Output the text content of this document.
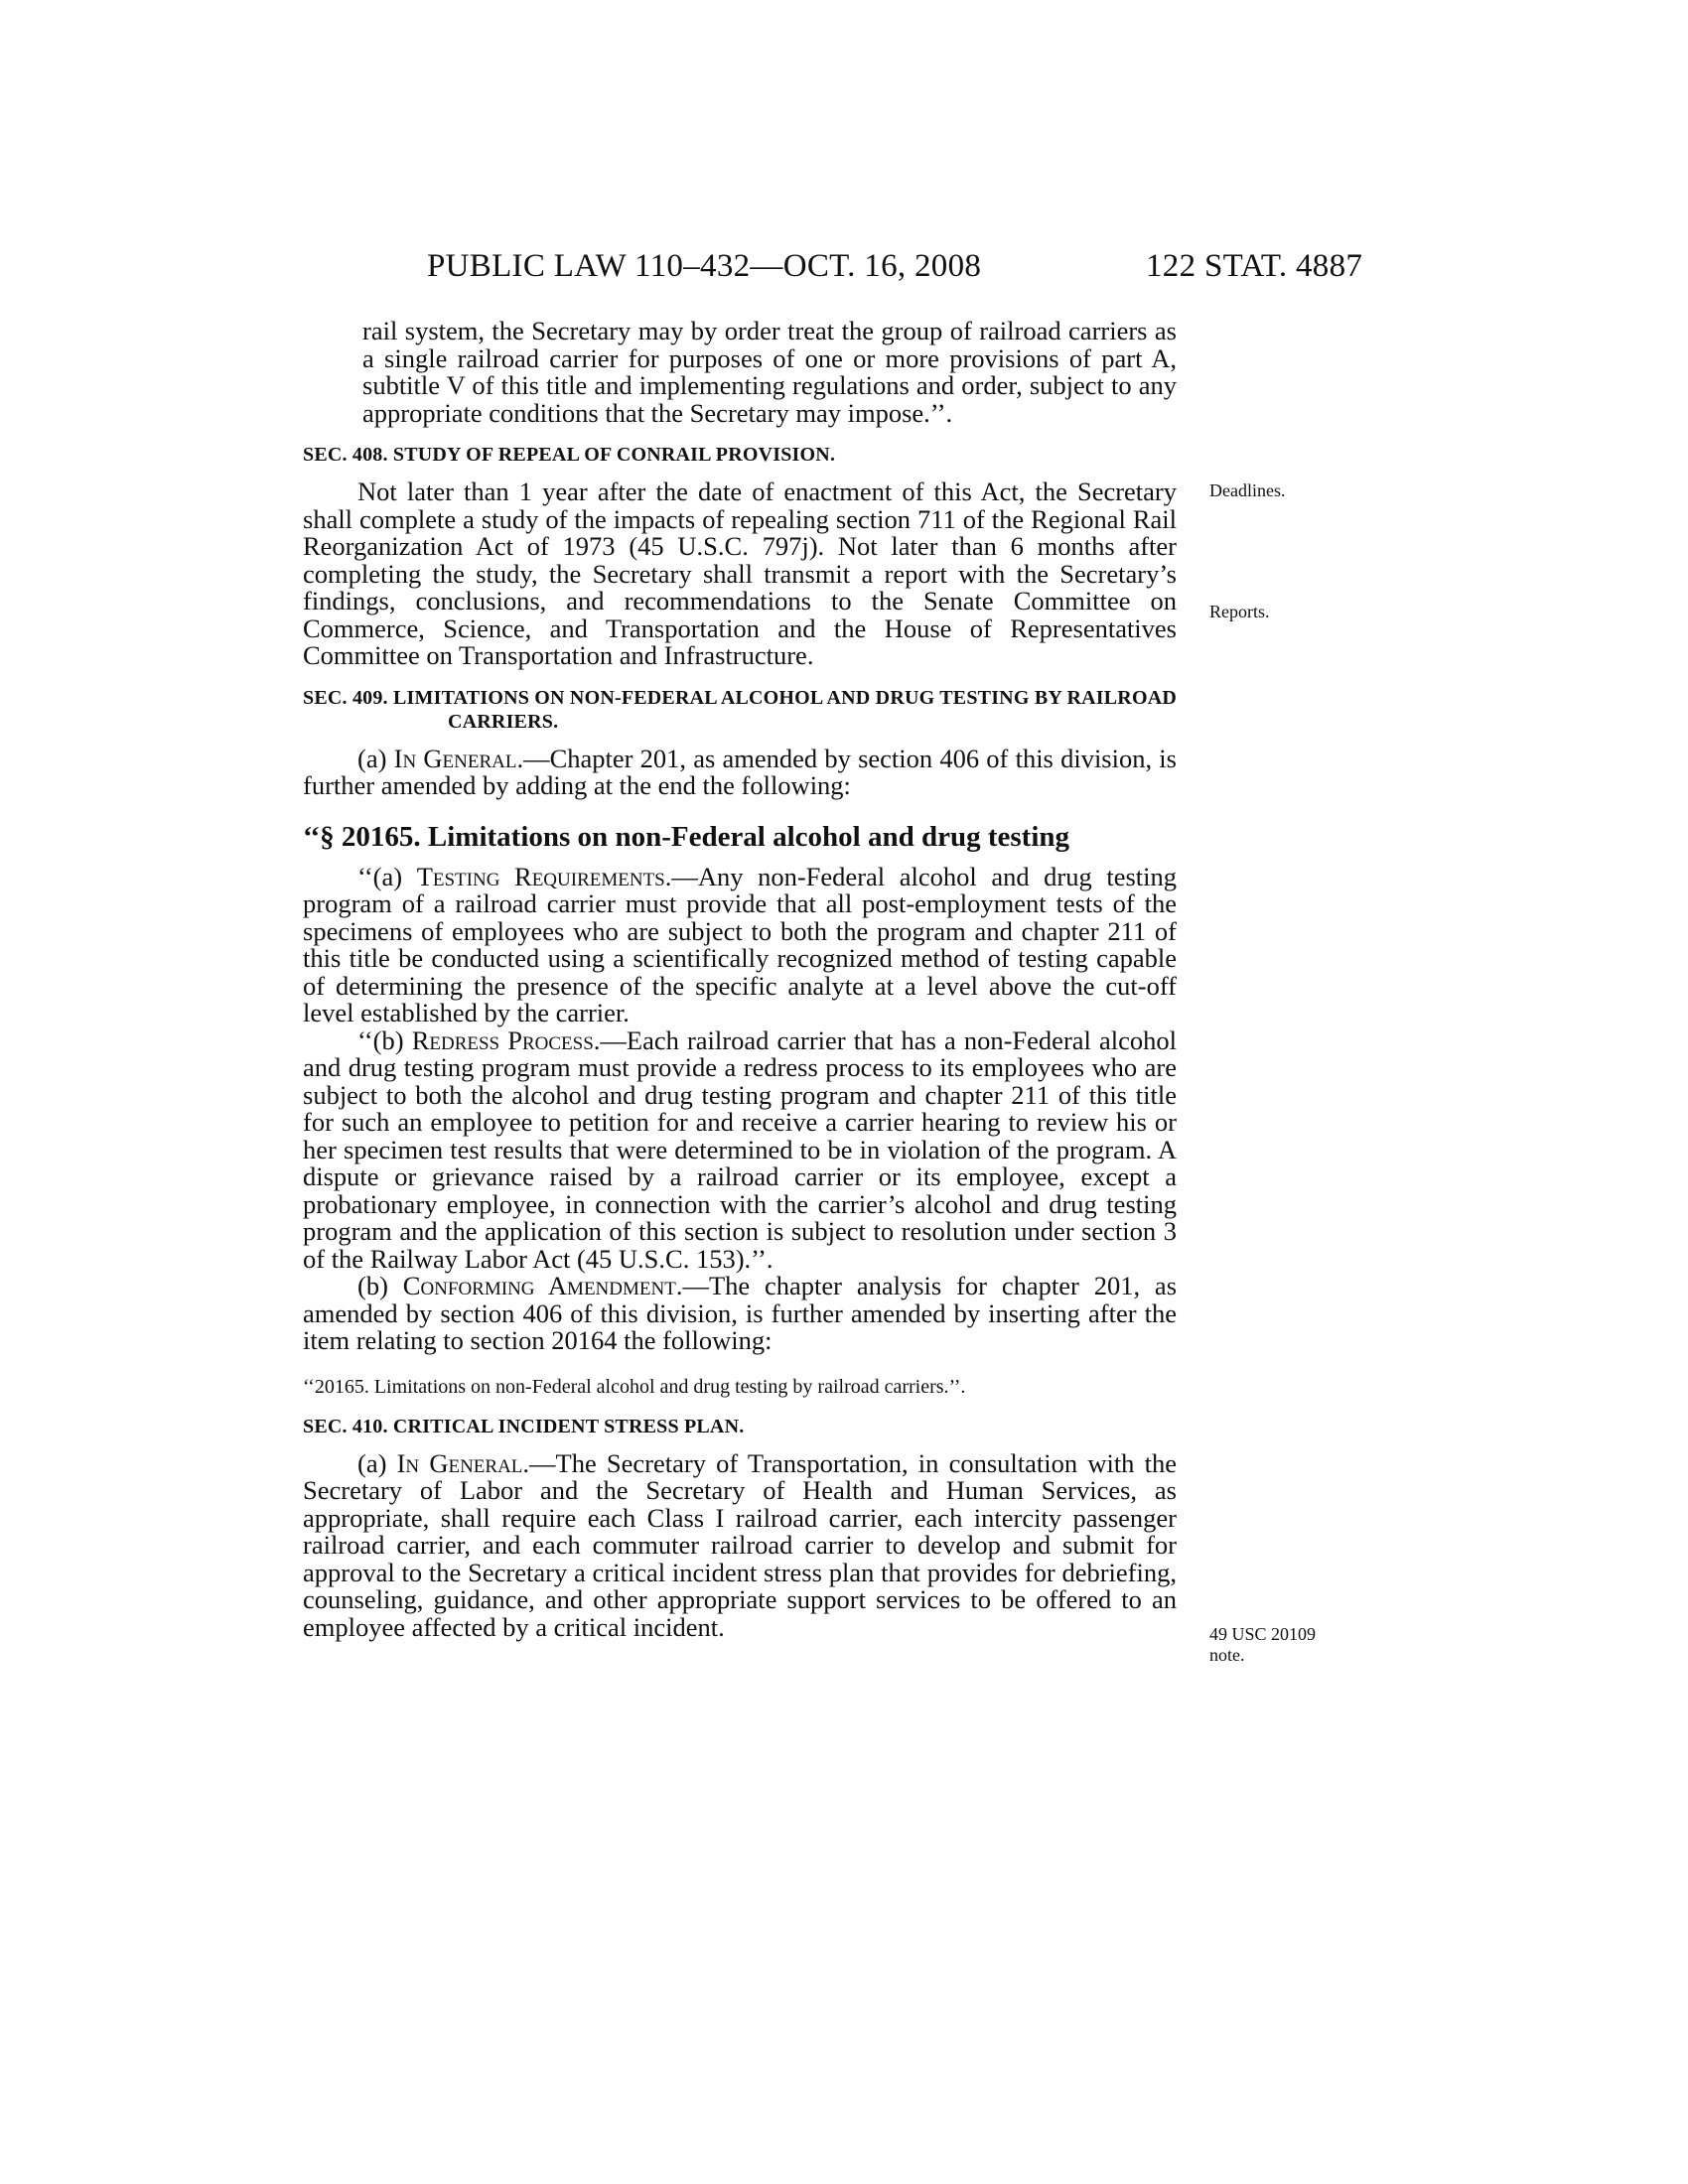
PUBLIC LAW 110–432—OCT. 16, 2008	122 STAT. 4887

rail system, the Secretary may by order treat the group of railroad carriers as a single railroad carrier for purposes of one or more provisions of part A, subtitle V of this title and implementing regulations and order, subject to any appropriate conditions that the Secretary may impose.’’.

SEC. 408. STUDY OF REPEAL OF CONRAIL PROVISION.

Not later than 1 year after the date of enactment of this Act, the Secretary shall complete a study of the impacts of repealing section 711 of the Regional Rail Reorganization Act of 1973 (45 U.S.C. 797j). Not later than 6 months after completing the study, the Secretary shall transmit a report with the Secretary’s findings, conclusions, and recommendations to the Senate Committee on Commerce, Science, and Transportation and the House of Representatives Committee on Transportation and Infrastructure.

SEC. 409. LIMITATIONS ON NON-FEDERAL ALCOHOL AND DRUG TESTING BY RAILROAD CARRIERS.

(a) In General.—Chapter 201, as amended by section 406 of this division, is further amended by adding at the end the following:

‘‘§ 20165. Limitations on non-Federal alcohol and drug testing

‘‘(a) Testing Requirements.—Any non-Federal alcohol and drug testing program of a railroad carrier must provide that all post-employment tests of the specimens of employees who are subject to both the program and chapter 211 of this title be conducted using a scientifically recognized method of testing capable of determining the presence of the specific analyte at a level above the cut-off level established by the carrier.

‘‘(b) Redress Process.—Each railroad carrier that has a non-Federal alcohol and drug testing program must provide a redress process to its employees who are subject to both the alcohol and drug testing program and chapter 211 of this title for such an employee to petition for and receive a carrier hearing to review his or her specimen test results that were determined to be in violation of the program. A dispute or grievance raised by a railroad carrier or its employee, except a probationary employee, in connection with the carrier’s alcohol and drug testing program and the application of this section is subject to resolution under section 3 of the Railway Labor Act (45 U.S.C. 153).’’.

(b) Conforming Amendment.—The chapter analysis for chapter 201, as amended by section 406 of this division, is further amended by inserting after the item relating to section 20164 the following:

‘‘20165. Limitations on non-Federal alcohol and drug testing by railroad carriers.’’.

SEC. 410. CRITICAL INCIDENT STRESS PLAN.

(a) In General.—The Secretary of Transportation, in consultation with the Secretary of Labor and the Secretary of Health and Human Services, as appropriate, shall require each Class I railroad carrier, each intercity passenger railroad carrier, and each commuter railroad carrier to develop and submit for approval to the Secretary a critical incident stress plan that provides for debriefing, counseling, guidance, and other appropriate support services to be offered to an employee affected by a critical incident.

Deadlines.
Reports.
49 USC 20109
note.
